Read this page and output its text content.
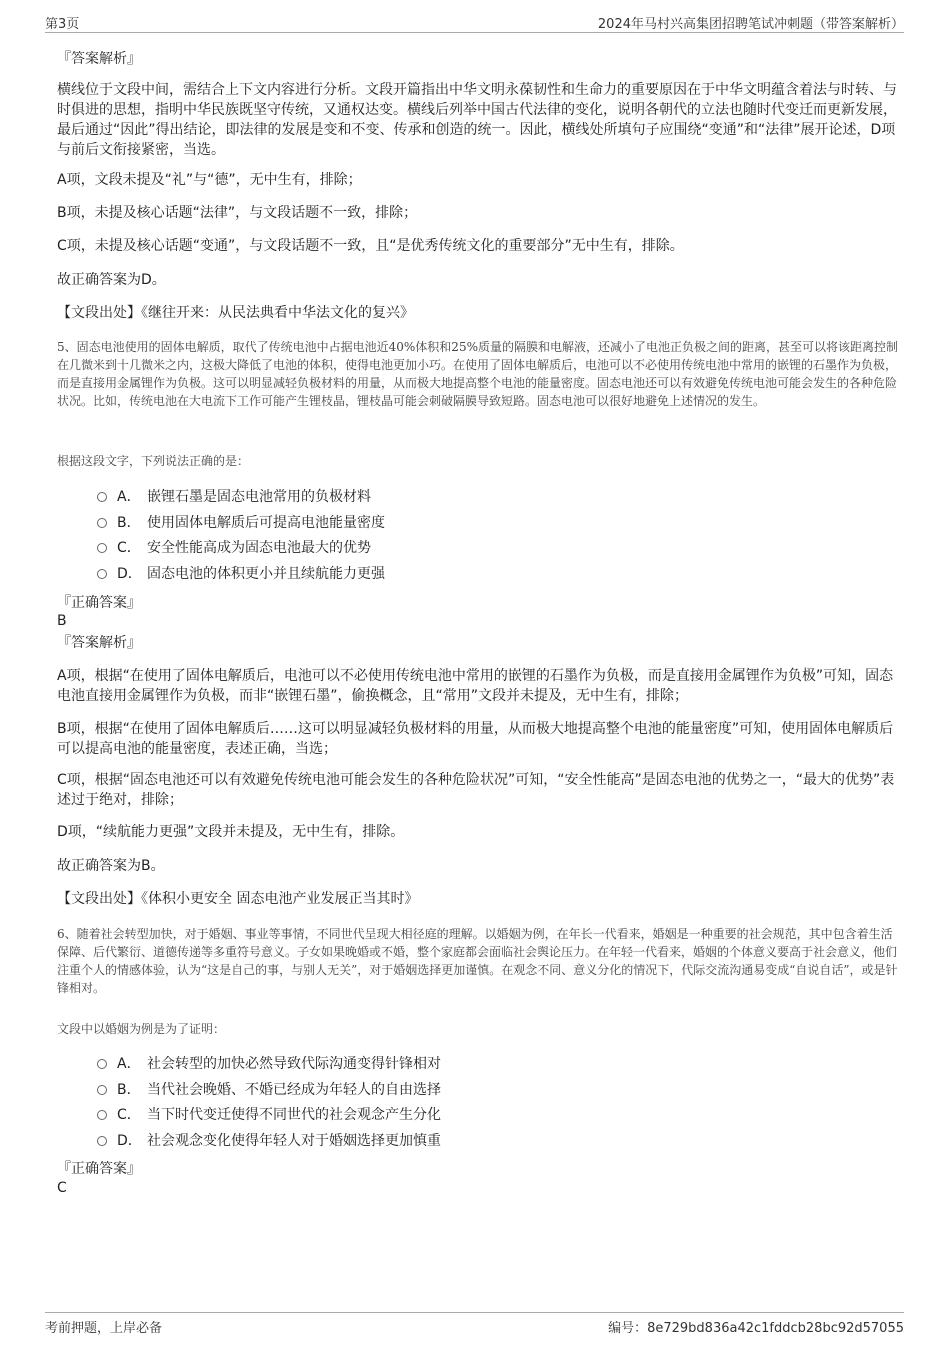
第3页	2024年马村兴高集团招聘笔试冲刺题（带答案解析）
『答案解析』
横线位于文段中间，需结合上下文内容进行分析。文段开篇指出中华文明永葆韧性和生命力的重要原因在于中华文明蕴含着法与时转、与时俱进的思想，指明中华民族既坚守传统，又通权达变。横线后列举中国古代法律的变化，说明各朝代的立法也随时代变迁而更新发展，最后通过“因此”得出结论，即法律的发展是变和不变、传承和创造的统一。因此，横线处所填句子应围绕“变通”和“法律”展开论述，D项与前后文衔接紧密，当选。
A项，文段未提及“礼”与“德”，无中生有，排除；
B项，未提及核心话题“法律”，与文段话题不一致，排除；
C项，未提及核心话题“变通”，与文段话题不一致，且“是优秀传统文化的重要部分”无中生有，排除。
故正确答案为D。
【文段出处】《继往开来：从民法典看中华法文化的复兴》
5、固态电池使用的固体电解质，取代了传统电池中占据电池近40%体积和25%质量的隔膜和电解液，还减小了电池正负极之间的距离，甚至可以将该距离控制在几微米到十几微米之内，这极大降低了电池的体积，使得电池更加小巧。在使用了固体电解质后，电池可以不必使用传统电池中常用的嵌锂的石墨作为负极，而是直接用金属锂作为负极。这可以明显减轻负极材料的用量，从而极大地提高整个电池的能量密度。固态电池还可以有效避免传统电池可能会发生的各种危险状况。比如，传统电池在大电流下工作可能产生锂枝晶，锂枝晶可能会刺破隔膜导致短路。固态电池可以很好地避免上述情况的发生。
根据这段文字，下列说法正确的是：
A． 嵌锂石墨是固态电池常用的负极材料
B． 使用固体电解质后可提高电池能量密度
C． 安全性能高成为固态电池最大的优势
D． 固态电池的体积更小并且续航能力更强
『正确答案』
B
『答案解析』
A项，根据“在使用了固体电解质后，电池可以不必使用传统电池中常用的嵌锂的石墨作为负极，而是直接用金属锂作为负极”可知，固态电池直接用金属锂作为负极，而非“嵌锂石墨”，偷换概念，且“常用”文段并未提及，无中生有，排除；
B项，根据“在使用了固体电解质后……这可以明显减轻负极材料的用量，从而极大地提高整个电池的能量密度”可知，使用固体电解质后可以提高电池的能量密度，表述正确，当选；
C项，根据“固态电池还可以有效避免传统电池可能会发生的各种危险状况”可知，“安全性能高”是固态电池的优势之一，“最大的优势”表述过于绝对，排除；
D项，“续航能力更强”文段并未提及，无中生有，排除。
故正确答案为B。
【文段出处】《体积小更安全 固态电池产业发展正当其时》
6、随着社会转型加快，对于婚姻、事业等事情，不同世代呈现大相径庭的理解。以婚姻为例，在年长一代看来，婚姻是一种重要的社会规范，其中包含着生活保障、后代繁衍、道德传递等多重符号意义。子女如果晚婚或不婚，整个家庭都会面临社会舆论压力。在年轻一代看来，婚姻的个体意义要高于社会意义，他们注重个人的情感体验，认为“这是自己的事，与别人无关”，对于婚姻选择更加谨慎。在观念不同、意义分化的情况下，代际交流沟通易变成“自说自话”，或是针锋相对。
文段中以婚姻为例是为了证明：
A． 社会转型的加快必然导致代际沟通变得针锋相对
B． 当代社会晚婚、不婚已经成为年轻人的自由选择
C． 当下时代变迁使得不同世代的社会观念产生分化
D． 社会观念变化使得年轻人对于婚姻选择更加慎重
『正确答案』
C
考前押题，上岸必备	编号：8e729bd836a42c1fddcb28bc92d57055
